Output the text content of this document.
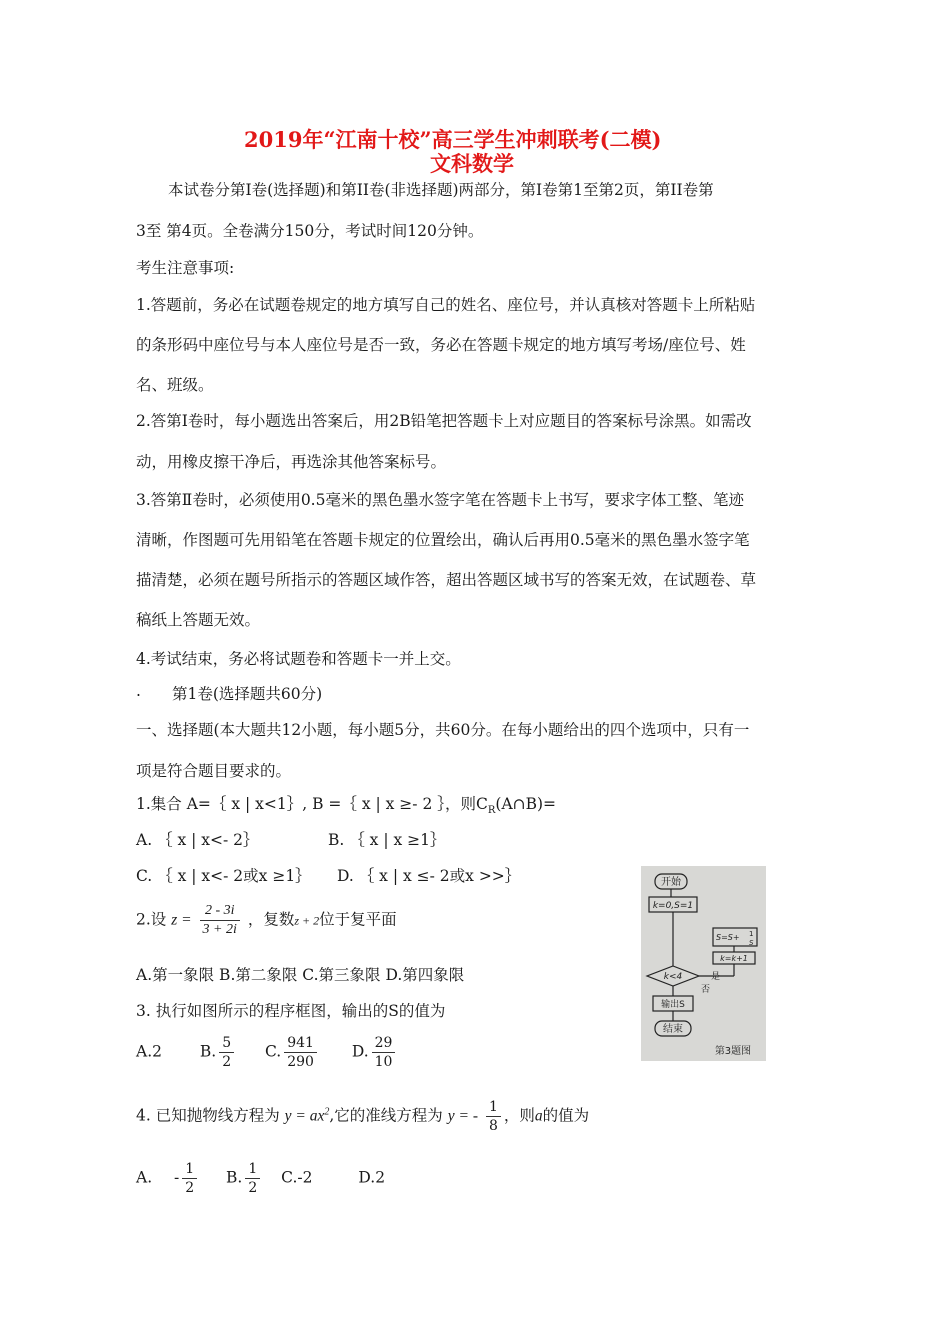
2019年“江南十校”高三学生冲刺联考(二模)
文科数学
本试卷分第Ⅰ卷(选择题)和第II卷(非选择题)两部分，第Ⅰ卷第1至第2页，第II卷第
3至 第4页。全卷满分150分，考试时间120分钟。
考生注意事项:
1.答题前，务必在试题卷规定的地方填写自己的姓名、座位号，并认真核对答题卡上所粘贴
的条形码中座位号与本人座位号是否一致，务必在答题卡规定的地方填写考场/座位号、姓
名、班级。
2.答第Ⅰ卷时，每小题选出答案后，用2B铅笔把答题卡上对应题目的答案标号涂黑。如需改
动，用橡皮擦干净后，再选涂其他答案标号。
3.答第Ⅱ卷时，必须使用0.5毫米的黑色墨水签字笔在答题卡上书写，要求字体工整、笔迹
清晰，作图题可先用铅笔在答题卡规定的位置绘出，确认后再用0.5毫米的黑色墨水签字笔
描清楚，必须在题号所指示的答题区域作答，超出答题区域书写的答案无效，在试题卷、草
稿纸上答题无效。
4.考试结束，务必将试题卷和答题卡一并上交。
. 第1卷(选择题共60分)
一、选择题(本大题共12小题，每小题5分，共60分。在每小题给出的四个选项中，只有一
项是符合题目要求的。
1.集合 A=｛ x | x<1｝, B =｛ x | x ≥- 2 ｝，则$C_R(A\cap B)=$
A. ｛ x | x<- 2｝	B. ｛ x | x ≥1｝
C. ｛ x | x<- 2或x ≥1｝ D. ｛ x | x ≤- 2或x >>｝
2.设 $z = \frac{2 - 3i}{3 + 2i}$ ，复数z + 2位于复平面
A.第一象限 B.第二象限 C.第三象限 D.第四象限
3. 执行如图所示的程序框图，输出的S的值为
A.2 B. $\frac{5}{2} C$. $\frac{941}{290} D$. $\frac{29}{10}$
开始
k=0,S=1
S=S+ 1
S
k=k+1
k<4
否
是
输出S
结束
第3题图
4. 已知抛物线方程为 $y = ax^2$,它的准线方程为 y = - $\frac{1}{8}$ ，则a的值为
A. - $\frac{1}{2} B$. $\frac{1}{2} C.-2$	D.2
